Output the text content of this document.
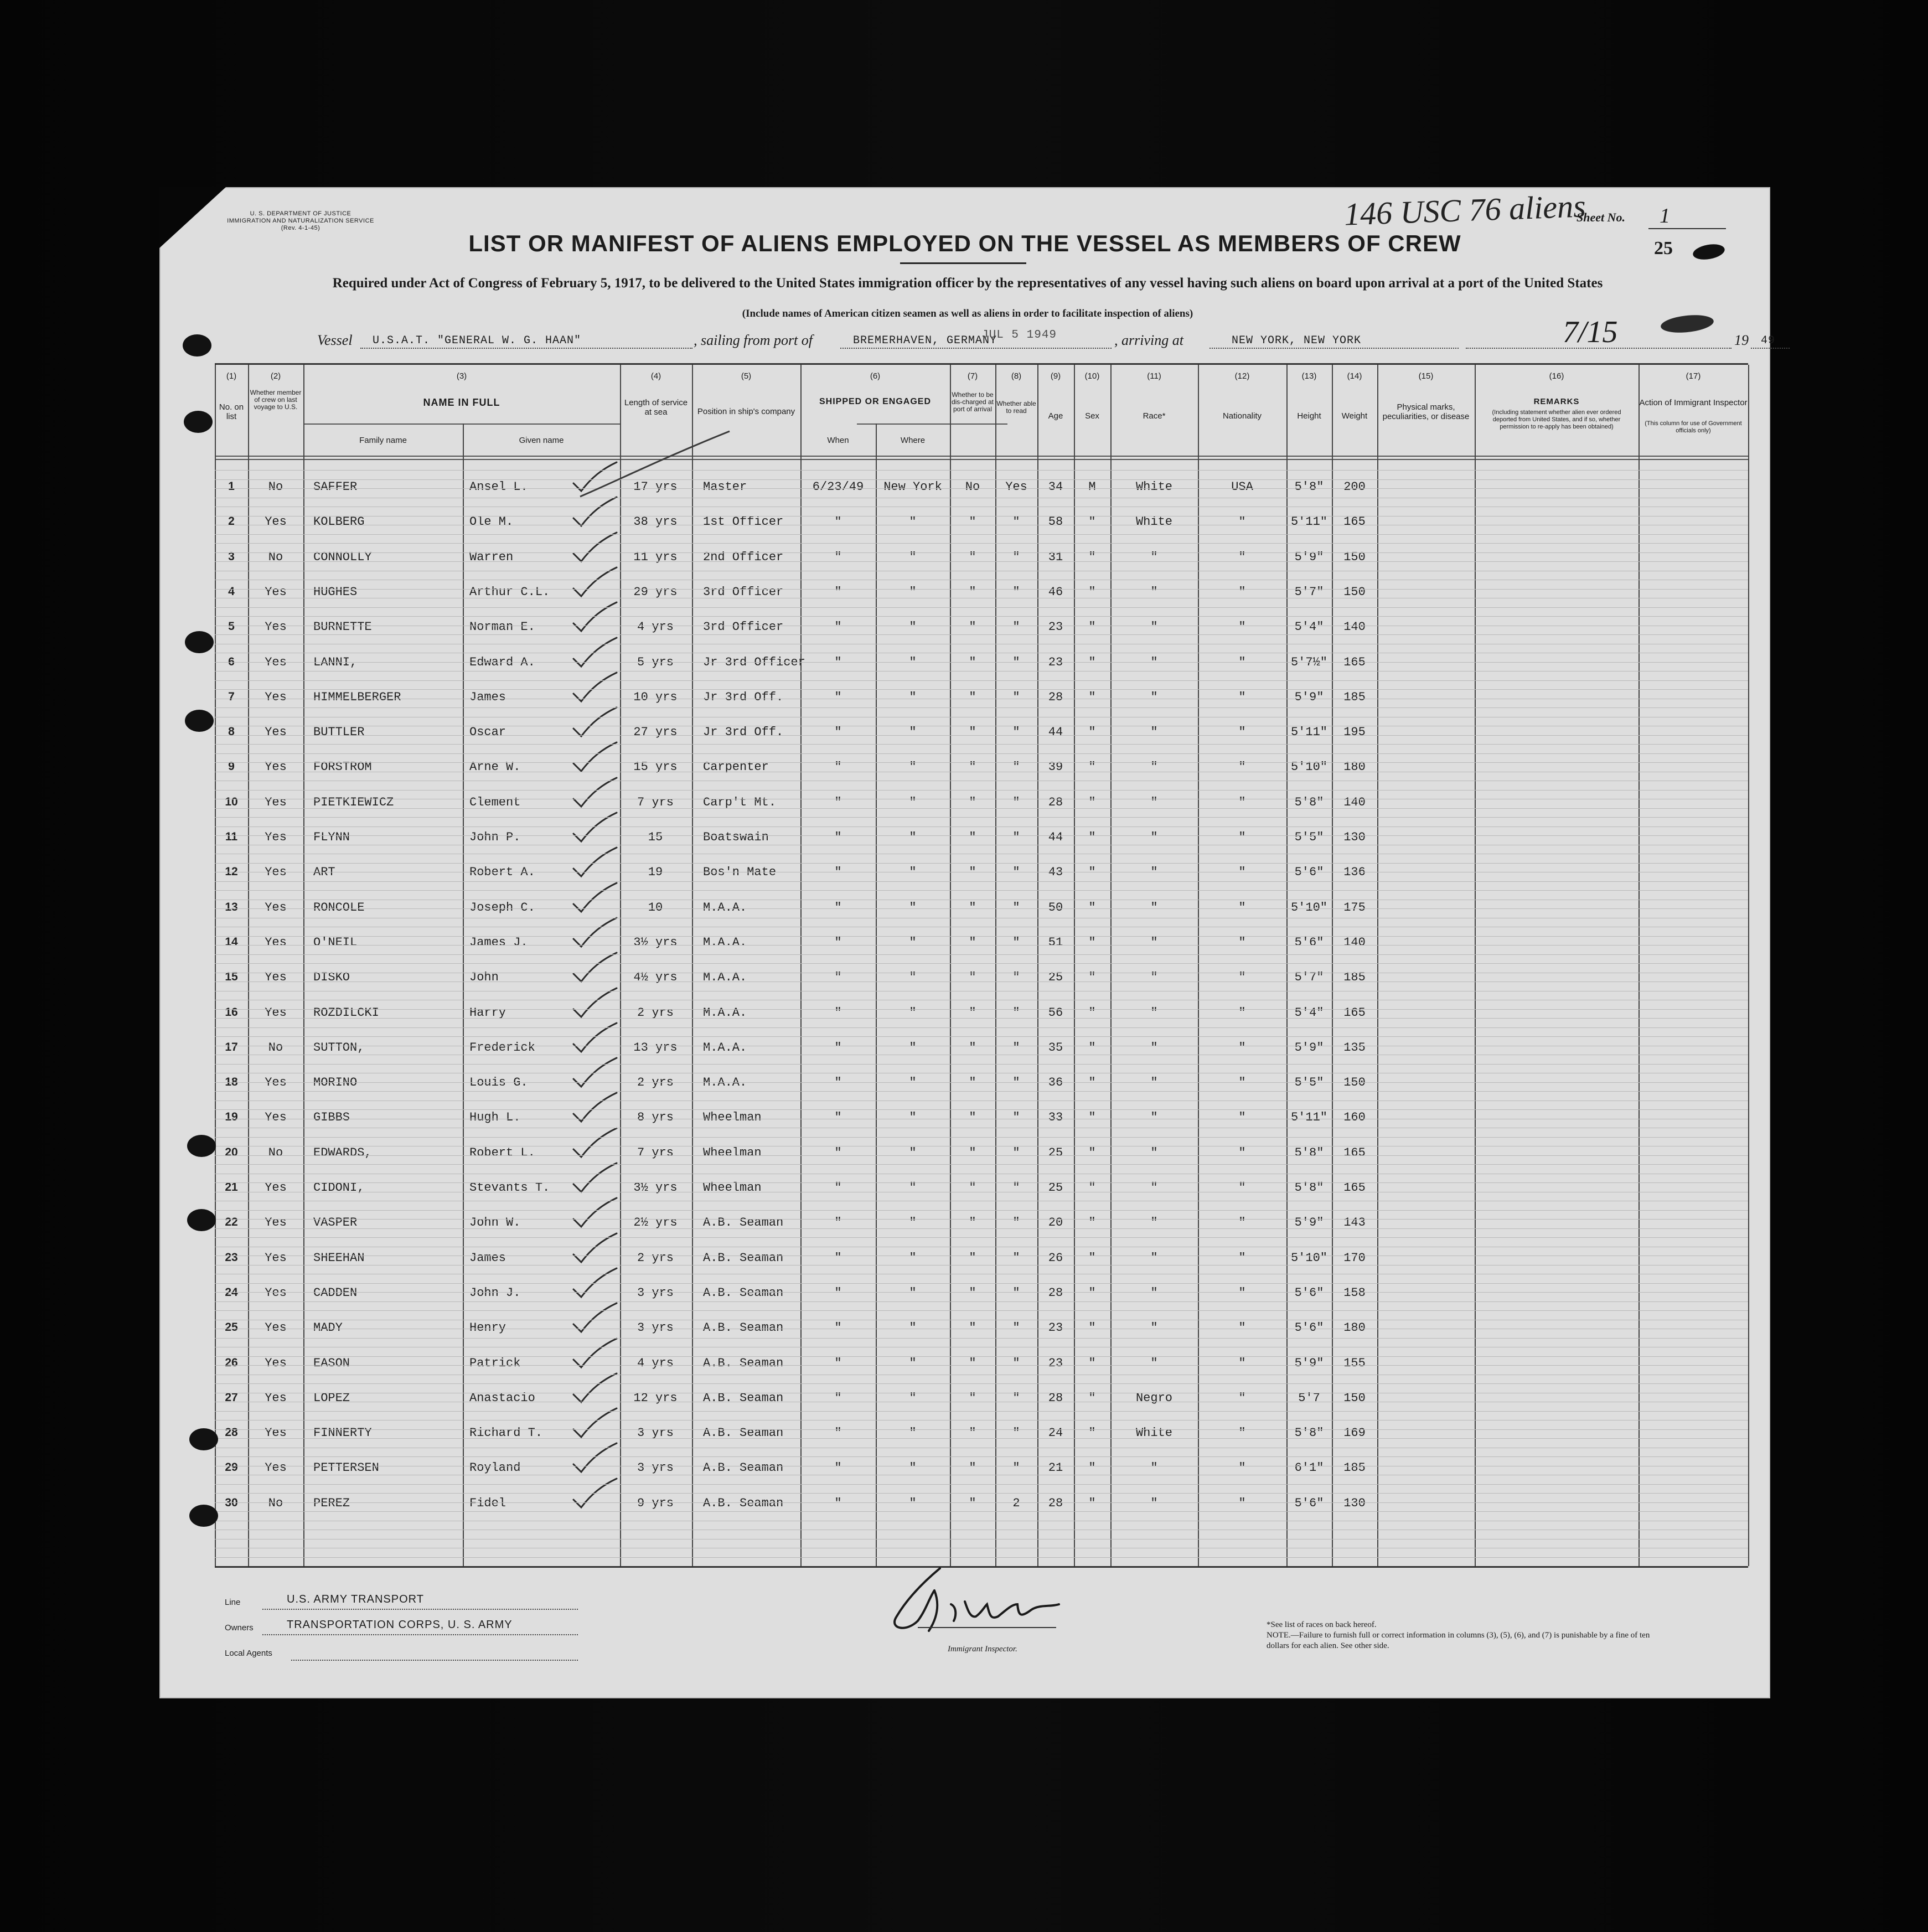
U. S. DEPARTMENT OF JUSTICE
IMMIGRATION AND NATURALIZATION SERVICE
(Rev. 4-1-45)	146 USC 76 aliens
Sheet No.	1
LIST OR MANIFEST OF ALIENS EMPLOYED ON THE VESSEL AS MEMBERS OF CREW	25
Required under Act of Congress of February 5, 1917, to be delivered to the United States immigration officer by the representatives of any vessel having such aliens on board upon arrival at a port of the United States
(Include names of American citizen seamen as well as aliens in order to facilitate inspection of aliens)
Vessel U.S.A.T. "GENERAL W. G. HAAN"	, sailing from port of	BREMERHAVEN, GERMANY
JUL 5 1949	, arriving at	NEW YORK, NEW YORK	7/15	19 49
No. on list
Whether member of crew on last voyage to U.S.	NAME IN FULL
Family name	Given name
Length of service at sea	Position in ship's company
SHIPPED OR ENGAGED
When	Where
Whether to be dis-charged at port of arrival
Whether able to read
Age	Sex	Race*	Nationality	Height	Weight
Physical marks, peculiarities, or disease
REMARKS
(Including statement whether alien ever ordered deported from United States, and if so, whether permission to re-apply has been obtained)
Action of Immigrant Inspector
(This column for use of Government officials only)
(1)	(2)	(3)	(4)	(5)	(6)	(7)	(8)	(9)	(10)	(11)	(12)	(13)	(14)	(15)	(16)	(17)
1	No	SAFFER	Ansel L.	17 yrs	Master	6/23/49	New York	No	Yes	34	M	White	USA	5'8"	200
2	Yes	KOLBERG	Ole M.	38 yrs	1st Officer	"	"	"	"	58	"	White	"	5'11"	165
3	No	CONNOLLY	Warren	11 yrs	2nd Officer	"	"	"	"	31	"	"	"	5'9"	150
4	Yes	HUGHES	Arthur C.L.	29 yrs	3rd Officer	"	"	"	"	46	"	"	"	5'7"	150
5	Yes	BURNETTE	Norman E.	4 yrs	3rd Officer	"	"	"	"	23	"	"	"	5'4"	140
6	Yes	LANNI,	Edward A.	5 yrs	Jr 3rd Officer	"	"	"	"	23	"	"	"	5'7½"	165
7	Yes	HIMMELBERGER	James	10 yrs	Jr 3rd Off.	"	"	"	"	28	"	"	"	5'9"	185
8	Yes	BUTTLER	Oscar	27 yrs	Jr 3rd Off.	"	"	"	"	44	"	"	"	5'11"	195
9	Yes	FORSTROM	Arne W.	15 yrs	Carpenter	"	"	"	"	39	"	"	"	5'10"	180
10	Yes	PIETKIEWICZ	Clement	7 yrs	Carp't Mt.	"	"	"	"	28	"	"	"	5'8"	140
11	Yes	FLYNN	John P.	15	Boatswain	"	"	"	"	44	"	"	"	5'5"	130
12	Yes	ART	Robert A.	19	Bos'n Mate	"	"	"	"	43	"	"	"	5'6"	136
13	Yes	RONCOLE	Joseph C.	10	M.A.A.	"	"	"	"	50	"	"	"	5'10"	175
14	Yes	O'NEIL	James J.	3½ yrs	M.A.A.	"	"	"	"	51	"	"	"	5'6"	140
15	Yes	DISKO	John	4½ yrs	M.A.A.	"	"	"	"	25	"	"	"	5'7"	185
16	Yes	ROZDILCKI	Harry	2 yrs	M.A.A.	"	"	"	"	56	"	"	"	5'4"	165
17	No	SUTTON,	Frederick	13 yrs	M.A.A.	"	"	"	"	35	"	"	"	5'9"	135
18	Yes	MORINO	Louis G.	2 yrs	M.A.A.	"	"	"	"	36	"	"	"	5'5"	150
19	Yes	GIBBS	Hugh L.	8 yrs	Wheelman	"	"	"	"	33	"	"	"	5'11"	160
20	No	EDWARDS,	Robert L.	7 yrs	Wheelman	"	"	"	"	25	"	"	"	5'8"	165
21	Yes	CIDONI,	Stevants T.	3½ yrs	Wheelman	"	"	"	"	25	"	"	"	5'8"	165
22	Yes	VASPER	John W.	2½ yrs	A.B. Seaman	"	"	"	"	20	"	"	"	5'9"	143
23	Yes	SHEEHAN	James	2 yrs	A.B. Seaman	"	"	"	"	26	"	"	"	5'10"	170
24	Yes	CADDEN	John J.	3 yrs	A.B. Seaman	"	"	"	"	28	"	"	"	5'6"	158
25	Yes	MADY	Henry	3 yrs	A.B. Seaman	"	"	"	"	23	"	"	"	5'6"	180
26	Yes	EASON	Patrick	4 yrs	A.B. Seaman	"	"	"	"	23	"	"	"	5'9"	155
27	Yes	LOPEZ	Anastacio	12 yrs	A.B. Seaman	"	"	"	"	28	"	Negro	"	5'7	150
28	Yes	FINNERTY	Richard T.	3 yrs	A.B. Seaman	"	"	"	"	24	"	White	"	5'8"	169
29	Yes	PETTERSEN	Royland	3 yrs	A.B. Seaman	"	"	"	"	21	"	"	"	6'1"	185
30	No	PEREZ	Fidel	9 yrs	A.B. Seaman	"	"	"	2	28	"	"	"	5'6"	130
Line	U.S. ARMY TRANSPORT
Owners	TRANSPORTATION CORPS, U. S. ARMY
Local Agents	Immigrant Inspector.
*See list of races on back hereof.
NOTE.—Failure to furnish full or correct information in columns (3), (5), (6), and (7) is punishable by a fine of ten dollars for each alien. See other side.
